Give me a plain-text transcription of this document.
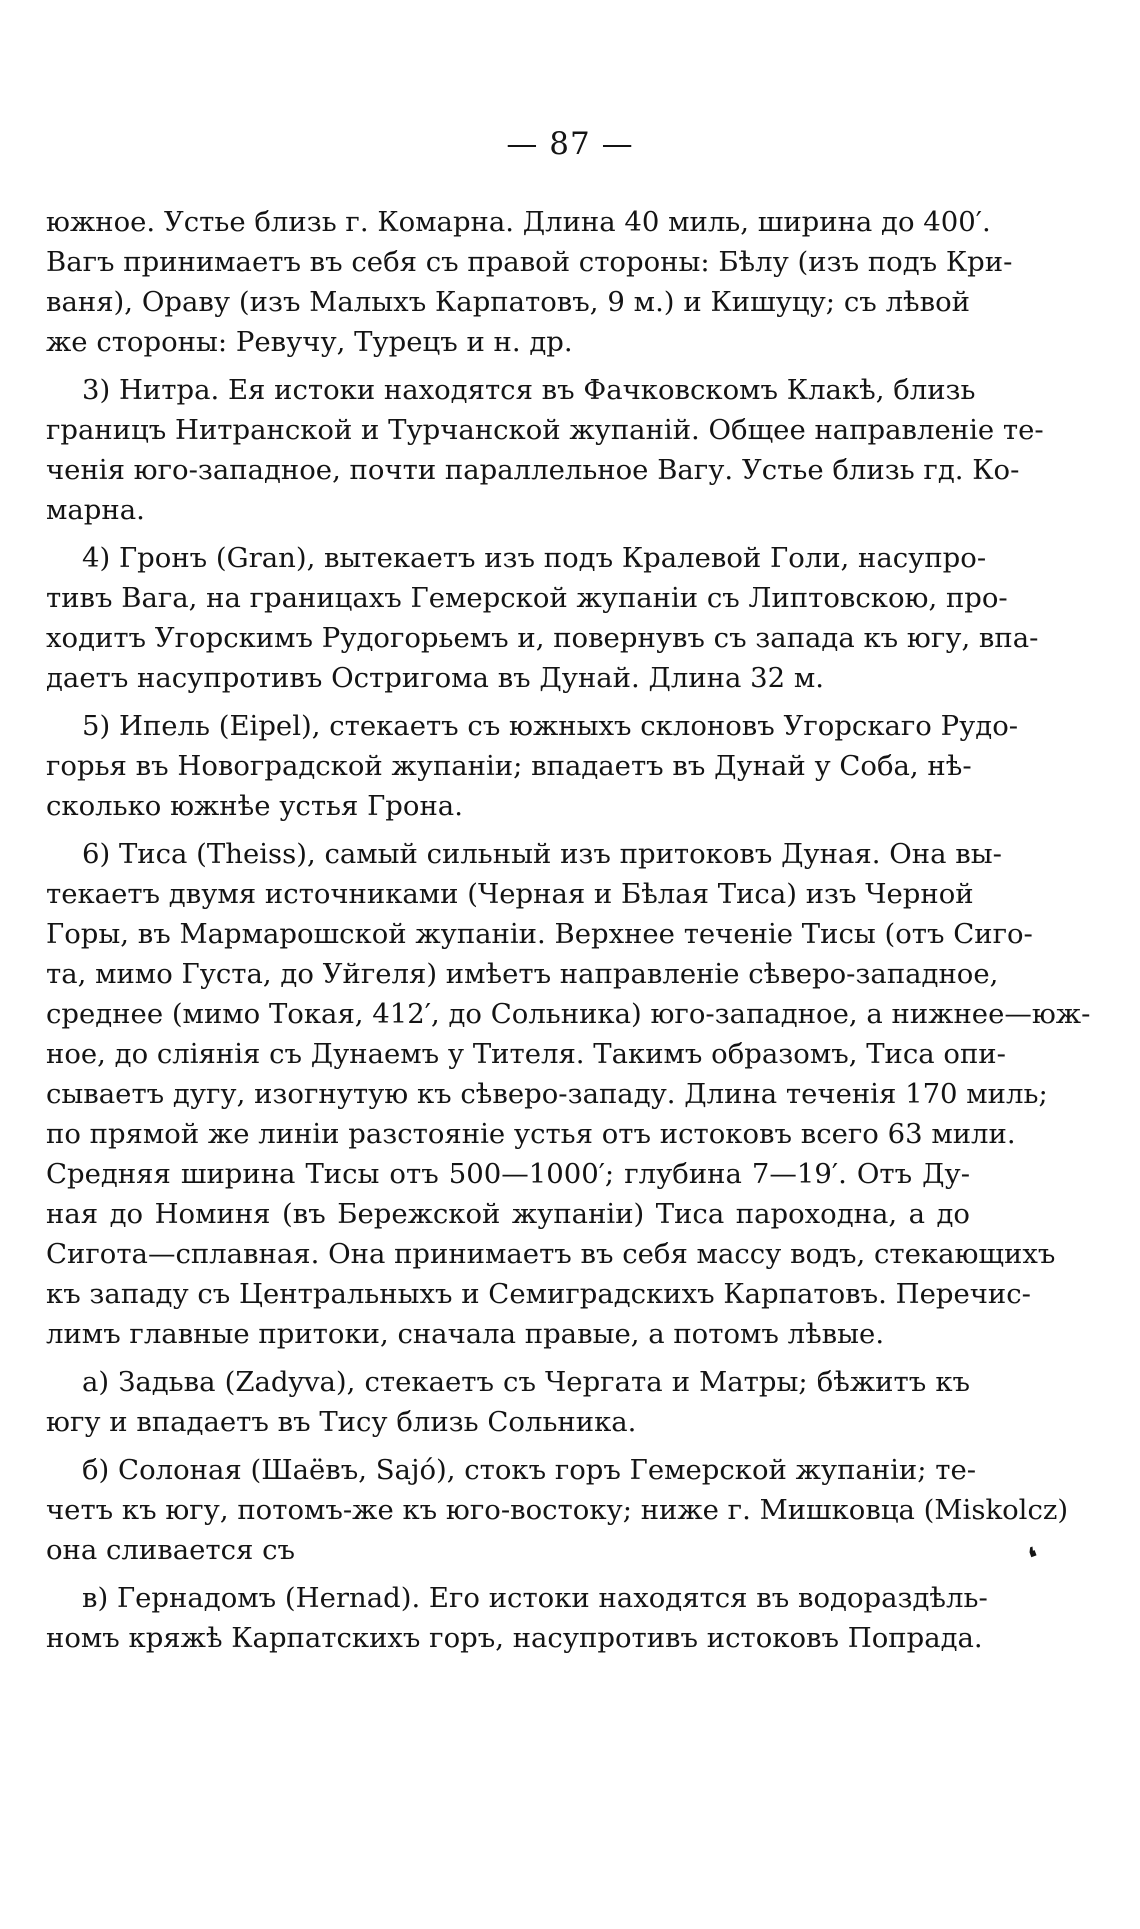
— 87 —

южное. Устье близь г. Комарна. Длина 40 миль, ширина до 400′.
Вагъ принимаетъ въ себя съ правой стороны: Бѣлу (изъ подъ Кри-
ваня), Ораву (изъ Малыхъ Карпатовъ, 9 м.) и Кишуцу; съ лѣвой
же стороны: Ревучу, Турецъ и н. др.

3) Нитра. Ея истоки находятся въ Фачковскомъ Клакѣ, близь
границъ Нитранской и Турчанской жупаній. Общее направленіе те-
ченія юго-западное, почти параллельное Вагу. Устье близь гд. Ко-
марна.

4) Гронъ (Gran), вытекаетъ изъ подъ Кралевой Голи, насупро-
тивъ Вага, на границахъ Гемерской жупаніи съ Липтовскою, про-
ходитъ Угорскимъ Рудогорьемъ и, повернувъ съ запада къ югу, впа-
даетъ насупротивъ Остригома въ Дунай. Длина 32 м.

5) Ипель (Eipel), стекаетъ съ южныхъ склоновъ Угорскаго Рудо-
горья въ Новоградской жупаніи; впадаетъ въ Дунай у Соба, нѣ-
сколько южнѣе устья Грона.

6) Тиса (Theiss), самый сильный изъ притоковъ Дуная. Она вы-
текаетъ двумя источниками (Черная и Бѣлая Тиса) изъ Черной
Горы, въ Мармарошской жупаніи. Верхнее теченіе Тисы (отъ Сиго-
та, мимо Густа, до Уйгеля) имѣетъ направленіе сѣверо-западное,
среднее (мимо Токая, 412′, до Сольника) юго-западное, а нижнее—юж-
ное, до сліянія съ Дунаемъ у Тителя. Такимъ образомъ, Тиса опи-
сываетъ дугу, изогнутую къ сѣверо-западу. Длина теченія 170 миль;
по прямой же линіи разстояніе устья отъ истоковъ всего 63 мили.
Средняя ширина Тисы отъ 500—1000′; глубина 7—19′. Отъ Ду-
ная до Номиня (въ Бережской жупаніи) Тиса пароходна, а до
Сигота—сплавная. Она принимаетъ въ себя массу водъ, стекающихъ
къ западу съ Центральныхъ и Семиградскихъ Карпатовъ. Перечис-
лимъ главные притоки, сначала правые, а потомъ лѣвые.

а) Задьва (Zadyva), стекаетъ съ Чергата и Матры; бѣжитъ къ
югу и впадаетъ въ Тису близь Сольника.

б) Солоная (Шаёвъ, Sajó), стокъ горъ Гемерской жупаніи; те-
четъ къ югу, потомъ-же къ юго-востоку; ниже г. Мишковца (Miskolcz)
она сливается съ

в) Гернадомъ (Hernad). Его истоки находятся въ водораздѣль-
номъ кряжѣ Карпатскихъ горъ, насупротивъ истоковъ Попрада.

❛
